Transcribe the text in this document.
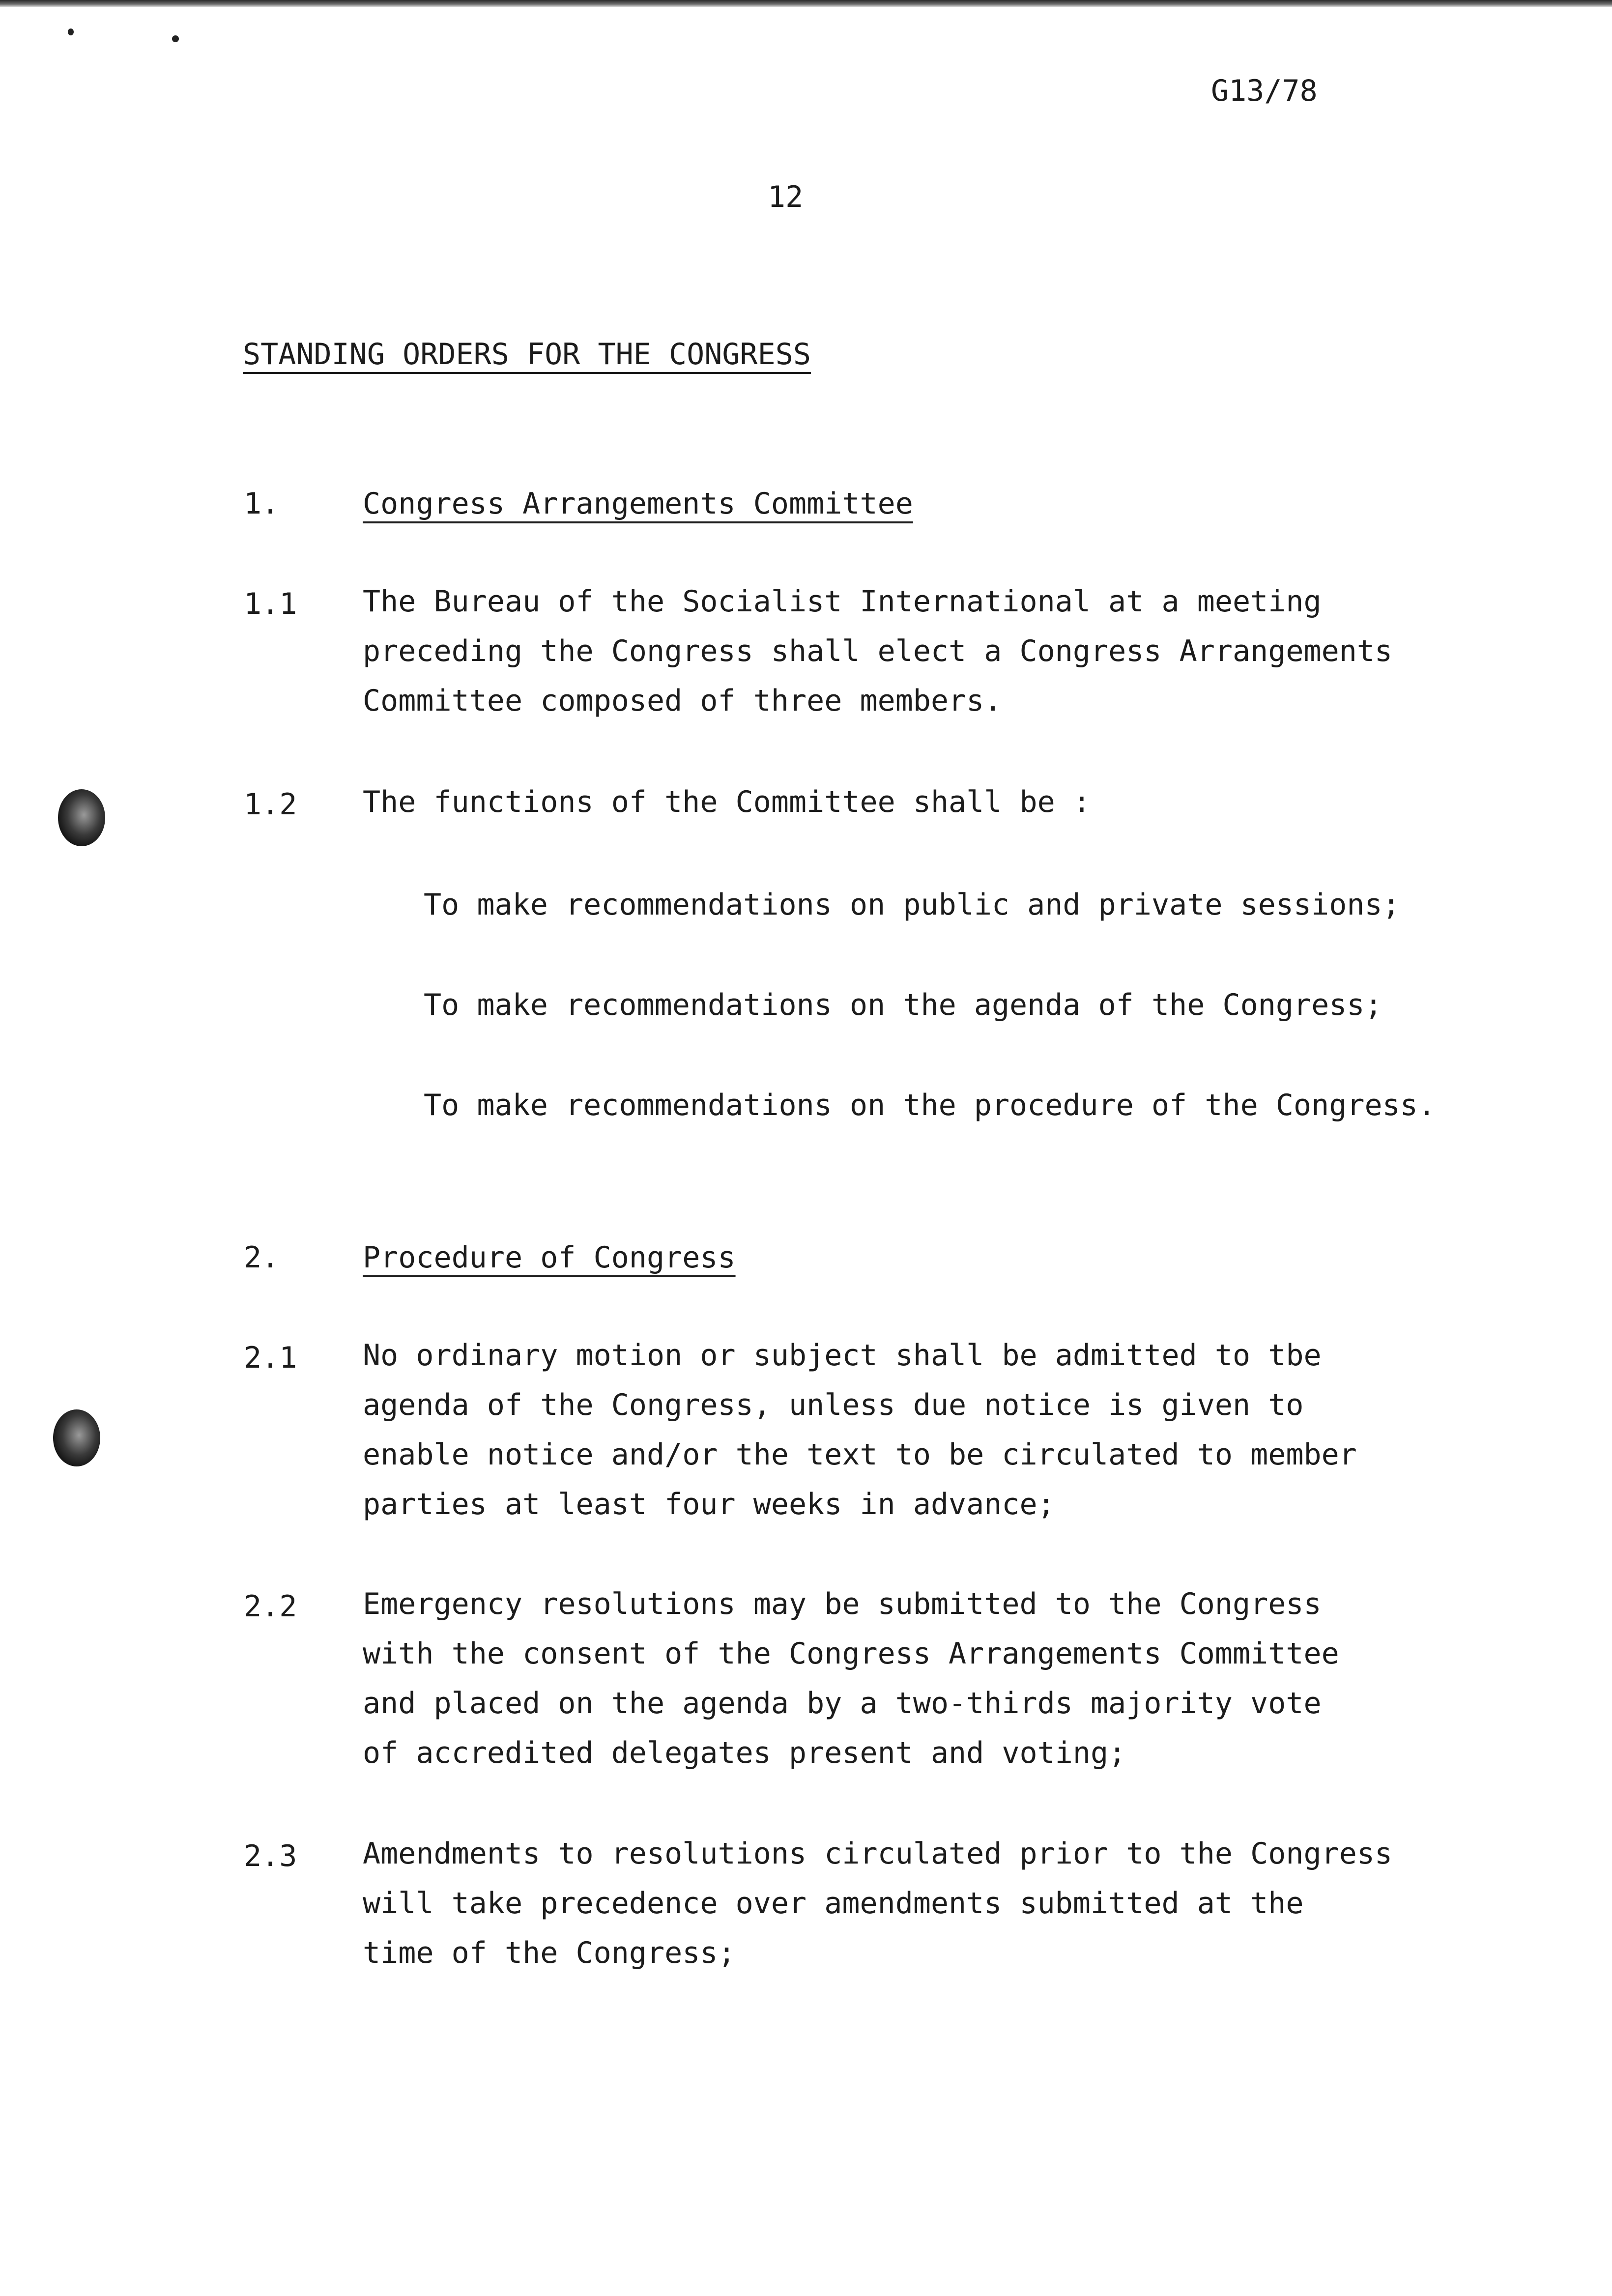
G13/78
12
STANDING ORDERS FOR THE CONGRESS
1.	Congress Arrangements Committee
1.1 The Bureau of the Socialist International at a meeting
preceding the Congress shall elect a Congress Arrangements
Committee composed of three members.

1.2 The functions of the Committee shall be :

To make recommendations on public and private sessions;
To make recommendations on the agenda of the Congress;
To make recommendations on the procedure of the Congress.
2.	Procedure of Congress
2.1 No ordinary motion or subject shall be admitted to tbe
agenda of the Congress, unless due notice is given to
enable notice and/or the text to be circulated to member
parties at least four weeks in advance;

2.2 Emergency resolutions may be submitted to the Congress
with the consent of the Congress Arrangements Committee
and placed on the agenda by a two-thirds majority vote
of accredited delegates present and voting;

2.3 Amendments to resolutions circulated prior to the Congress
will take precedence over amendments submitted at the
time of the Congress;
